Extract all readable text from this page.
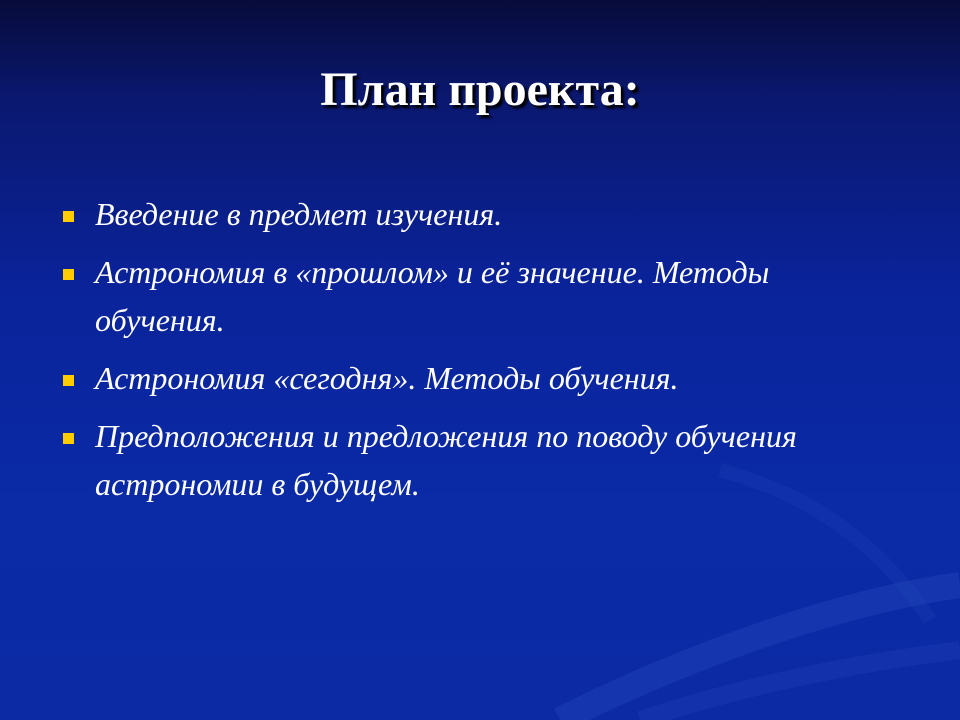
План проекта:
Введение в предмет изучения.
Астрономия в «прошлом» и её значение. Методы обучения.
Астрономия «сегодня». Методы обучения.
Предположения и предложения по поводу обучения астрономии в будущем.
